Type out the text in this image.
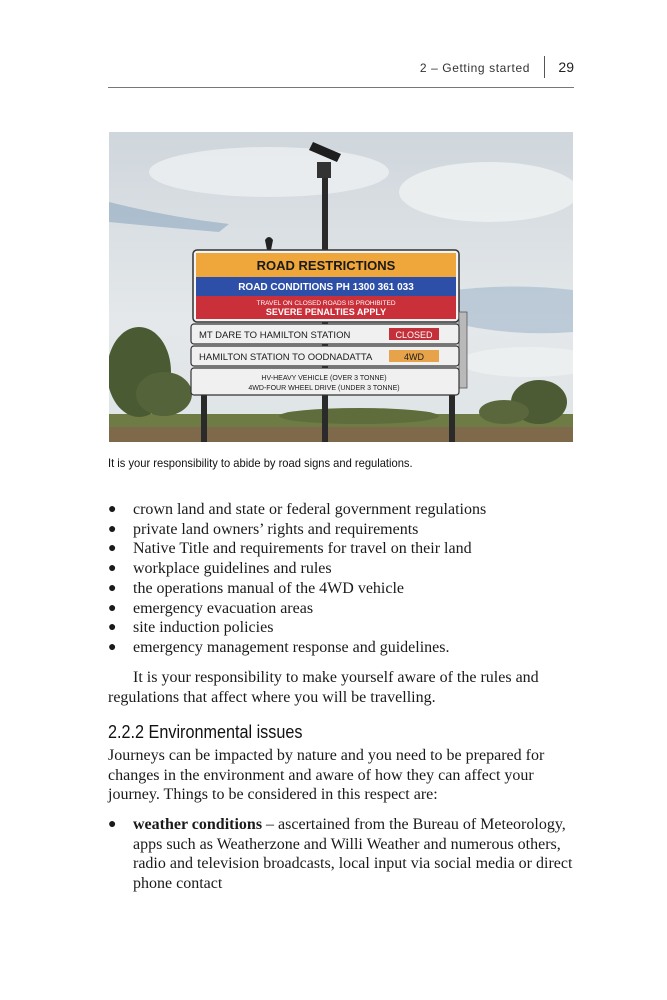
2 – Getting started 29
ROAD RESTRICTIONS
ROAD CONDITIONS PH 1300 361 033
TRAVEL ON CLOSED ROADS IS PROHIBITED
SEVERE PENALTIES APPLY
MT DARE TO HAMILTON STATION	CLOSED
HAMILTON STATION TO OODNADATTA	4WD
HV-HEAVY VEHICLE (OVER 3 TONNE)
4WD-FOUR WHEEL DRIVE (UNDER 3 TONNE)
It is your responsibility to abide by road signs and regulations.
● crown land and state or federal government regulations
● private land owners’ rights and requirements
● Native Title and requirements for travel on their land
● workplace guidelines and rules
● the operations manual of the 4WD vehicle
● emergency evacuation areas
● site induction policies
● emergency management response and guidelines.

It is your responsibility to make yourself aware of the rules and regulations that affect where you will be travelling.

2.2.2 Environmental issues

Journeys can be impacted by nature and you need to be prepared for changes in the environment and aware of how they can affect your journey. Things to be considered in this respect are:

● weather conditions – ascertained from the Bureau of Meteorology, apps such as Weatherzone and Willi Weather and numerous others, radio and television broadcasts, local input via social media or direct phone contact
